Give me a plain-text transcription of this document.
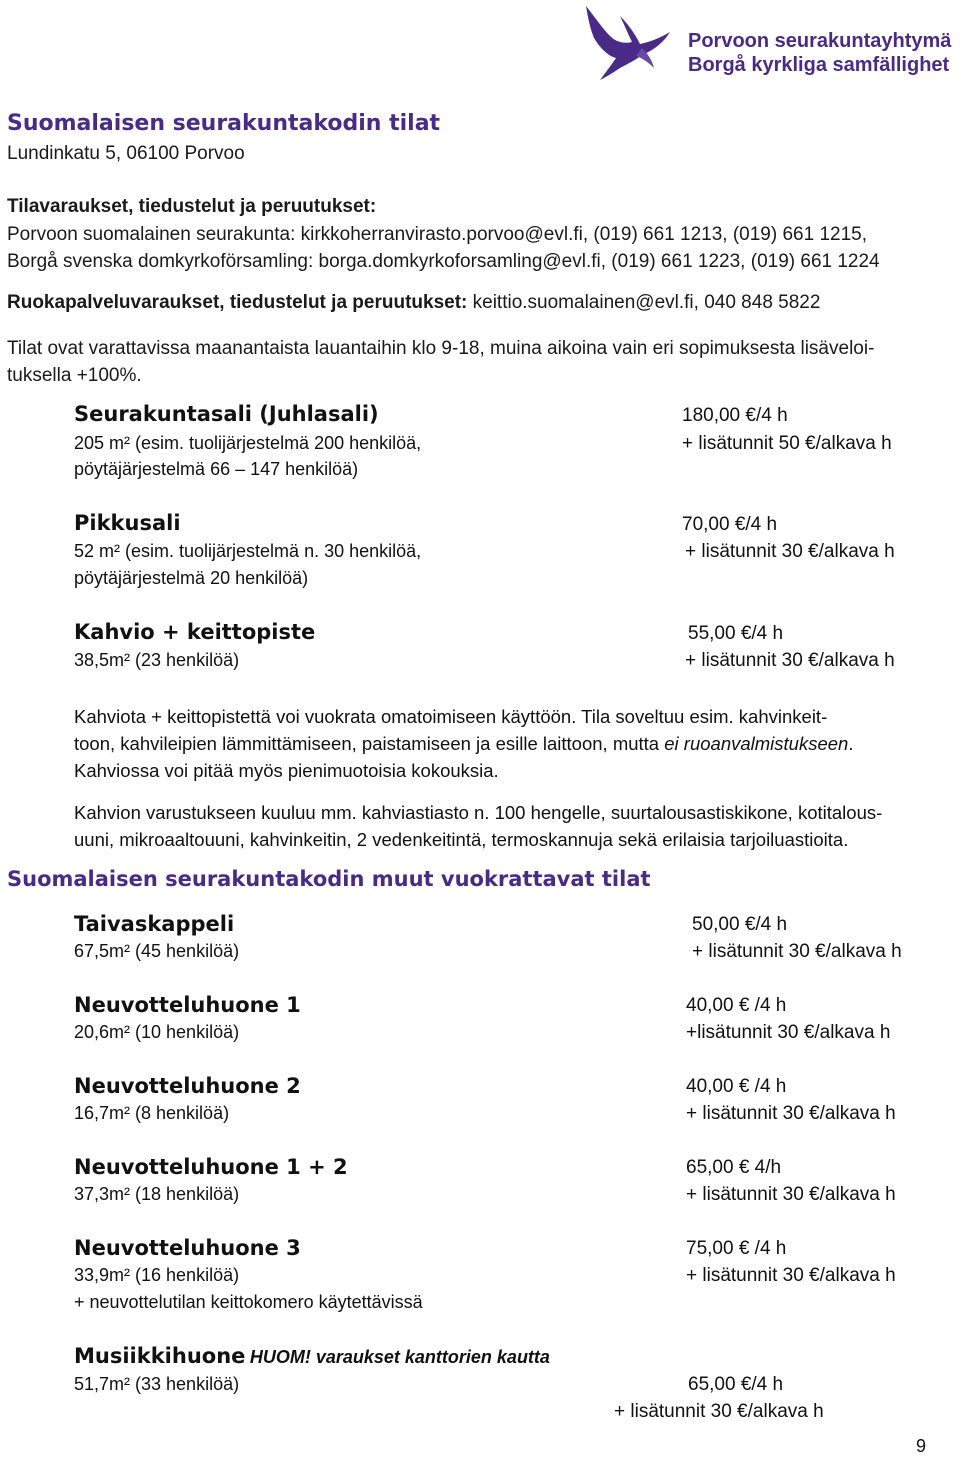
Porvoon seurakuntayhtymä
Borgå kyrkliga samfällighet
Suomalaisen seurakuntakodin tilat
Lundinkatu 5, 06100 Porvoo
Tilavaraukset, tiedustelut ja peruutukset:
Porvoon suomalainen seurakunta: kirkkoherranvirasto.porvoo@evl.fi, (019) 661 1213, (019) 661 1215,
Borgå svenska domkyrkoförsamling: borga.domkyrkoforsamling@evl.fi, (019) 661 1223, (019) 661 1224
Ruokapalveluvaraukset, tiedustelut ja peruutukset: keittio.suomalainen@evl.fi, 040 848 5822
Tilat ovat varattavissa maanantaista lauantaihin klo 9-18, muina aikoina vain eri sopimuksesta lisäveloi-
tuksella +100%.
Seurakuntasali (Juhlasali)
205 m² (esim. tuolijärjestelmä 200 henkilöä,
pöytäjärjestelmä 66 – 147 henkilöä)
180,00 €/4 h
+ lisätunnit 50 €/alkava h
Pikkusali
52 m² (esim. tuolijärjestelmä n. 30 henkilöä,
pöytäjärjestelmä 20 henkilöä)
70,00 €/4 h
+ lisätunnit 30 €/alkava h
Kahvio + keittopiste
38,5m² (23 henkilöä)
55,00 €/4 h
+ lisätunnit 30 €/alkava h
Kahviota + keittopistettä voi vuokrata omatoimiseen käyttöön. Tila soveltuu esim. kahvinkeit-
toon, kahvileipien lämmittämiseen, paistamiseen ja esille laittoon, mutta ei ruoanvalmistukseen.
Kahviossa voi pitää myös pienimuotoisia kokouksia.
Kahvion varustukseen kuuluu mm. kahviastiasto n. 100 hengelle, suurtalousastiskikone, kotitalous-
uuni, mikroaaltouuni, kahvinkeitin, 2 vedenkeitintä, termoskannuja sekä erilaisia tarjoiluastioita.
Suomalaisen seurakuntakodin muut vuokrattavat tilat
Taivaskappeli
67,5m² (45 henkilöä)
50,00 €/4 h
+ lisätunnit 30 €/alkava h
Neuvotteluhuone 1
20,6m² (10 henkilöä)
40,00 € /4 h
+lisätunnit 30 €/alkava h
Neuvotteluhuone 2
16,7m² (8 henkilöä)
40,00 € /4 h
+ lisätunnit 30 €/alkava h
Neuvotteluhuone 1 + 2
37,3m² (18 henkilöä)
65,00 € 4/h
+ lisätunnit 30 €/alkava h
Neuvotteluhuone 3
33,9m² (16 henkilöä)
+ neuvottelutilan keittokomero käytettävissä
75,00 € /4 h
+ lisätunnit 30 €/alkava h
Musiikkihuone HUOM! varaukset kanttorien kautta
51,7m² (33 henkilöä)	65,00 €/4 h
+ lisätunnit 30 €/alkava h
9
